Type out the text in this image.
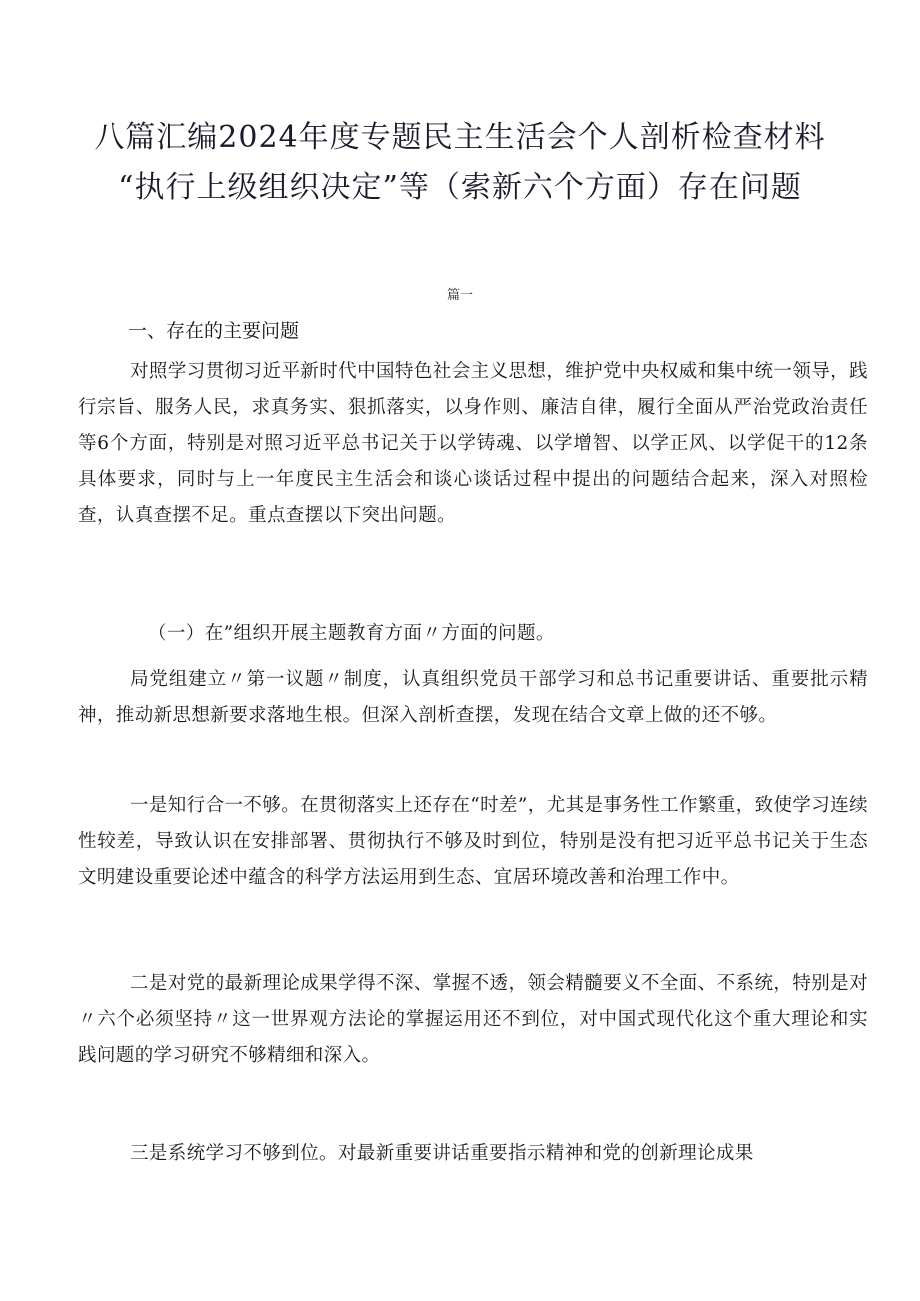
八篇汇编2024年度专题民主生活会个人剖析检查材料
“执行上级组织决定”等（索新六个方面）存在问题
篇一
一、存在的主要问题
对照学习贯彻习近平新时代中国特色社会主义思想，维护党中央权威和集中统一领导，践行宗旨、服务人民，求真务实、狠抓落实，以身作则、廉洁自律，履行全面从严治党政治责任等6个方面，特别是对照习近平总书记关于以学铸魂、以学增智、以学正风、以学促干的12条具体要求，同时与上一年度民主生活会和谈心谈话过程中提出的问题结合起来，深入对照检查，认真查摆不足。重点查摆以下突出问题。
（一）在”组织开展主题教育方面〃方面的问题。
局党组建立〃第一议题〃制度，认真组织党员干部学习和总书记重要讲话、重要批示精神，推动新思想新要求落地生根。但深入剖析查摆，发现在结合文章上做的还不够。
一是知行合一不够。在贯彻落实上还存在“时差”，尤其是事务性工作繁重，致使学习连续性较差，导致认识在安排部署、贯彻执行不够及时到位，特别是没有把习近平总书记关于生态文明建设重要论述中蕴含的科学方法运用到生态、宜居环境改善和治理工作中。
二是对党的最新理论成果学得不深、掌握不透，领会精髓要义不全面、不系统，特别是对〃六个必须坚持〃这一世界观方法论的掌握运用还不到位，对中国式现代化这个重大理论和实践问题的学习研究不够精细和深入。
三是系统学习不够到位。对最新重要讲话重要指示精神和党的创新理论成果
